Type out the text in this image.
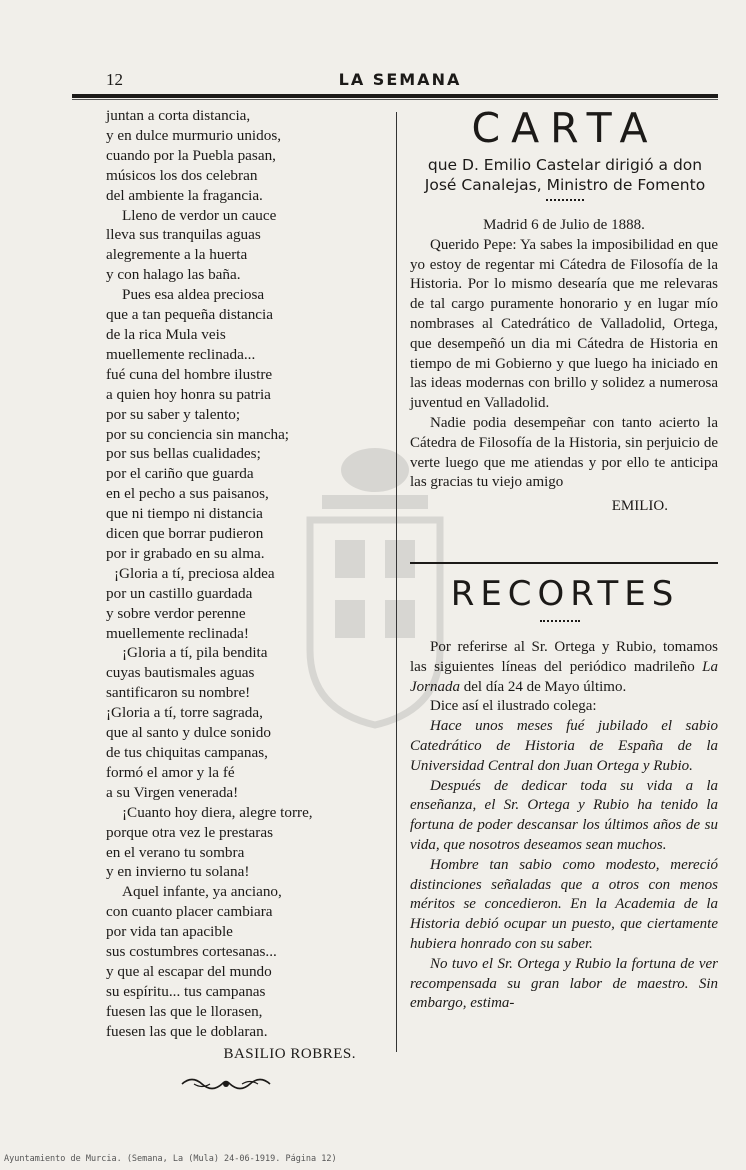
12	LA SEMANA
juntan a corta distancia,
y en dulce murmurio unidos,
cuando por la Puebla pasan,
músicos los dos celebran
del ambiente la fragancia.
Lleno de verdor un cauce
lleva sus tranquilas aguas
alegremente a la huerta
y con halago las baña.
Pues esa aldea preciosa
que a tan pequeña distancia
de la rica Mula veis
muellemente reclinada...
fué cuna del hombre ilustre
a quien hoy honra su patria
por su saber y talento;
por su conciencia sin mancha;
por sus bellas cualidades;
por el cariño que guarda
en el pecho a sus paisanos,
que ni tiempo ni distancia
dicen que borrar pudieron
por ir grabado en su alma.
¡Gloria a tí, preciosa aldea
por un castillo guardada
y sobre verdor perenne
muellemente reclinada!
¡Gloria a tí, pila bendita
cuyas bautismales aguas
santificaron su nombre!
¡Gloria a tí, torre sagrada,
que al santo y dulce sonido
de tus chiquitas campanas,
formó el amor y la fé
a su Virgen venerada!
¡Cuanto hoy diera, alegre torre,
porque otra vez le prestaras
en el verano tu sombra
y en invierno tu solana!
Aquel infante, ya anciano,
con cuanto placer cambiara
por vida tan apacible
sus costumbres cortesanas...
y que al escapar del mundo
su espíritu... tus campanas
fuesen las que le llorasen,
fuesen las que le doblaran.
BASILIO ROBRES.
CARTA
que D. Emilio Castelar dirigió a don
José Canalejas, Ministro de Fomento

Madrid 6 de Julio de 1888.

Querido Pepe: Ya sabes la imposibilidad en que yo estoy de regentar mi Cátedra de Filosofía de la Historia. Por lo mismo desearía que me relevaras de tal cargo puramente honorario y en lugar mío nombrases al Catedrático de Valladolid, Ortega, que desempeñó un dia mi Cátedra de Historia en tiempo de mi Gobierno y que luego ha iniciado en las ideas modernas con brillo y solidez a numerosa juventud en Valladolid.

Nadie podia desempeñar con tanto acierto la Cátedra de Filosofía de la Historia, sin perjuicio de verte luego que me atiendas y por ello te anticipa las gracias tu viejo amigo

EMILIO.

RECORTES

Por referirse al Sr. Ortega y Rubio, tomamos las siguientes líneas del periódico madrileño La Jornada del día 24 de Mayo último.

Dice así el ilustrado colega:

Hace unos meses fué jubilado el sabio Catedrático de Historia de España de la Universidad Central don Juan Ortega y Rubio.

Después de dedicar toda su vida a la enseñanza, el Sr. Ortega y Rubio ha tenido la fortuna de poder descansar los últimos años de su vida, que nosotros deseamos sean muchos.

Hombre tan sabio como modesto, mereció distinciones señaladas que a otros con menos méritos se concedieron. En la Academia de la Historia debió ocupar un puesto, que ciertamente hubiera honrado con su saber.

No tuvo el Sr. Ortega y Rubio la fortuna de ver recompensada su gran labor de maestro. Sin embargo, estima-

Ayuntamiento de Murcia. (Semana, La (Mula) 24-06-1919. Página 12)
